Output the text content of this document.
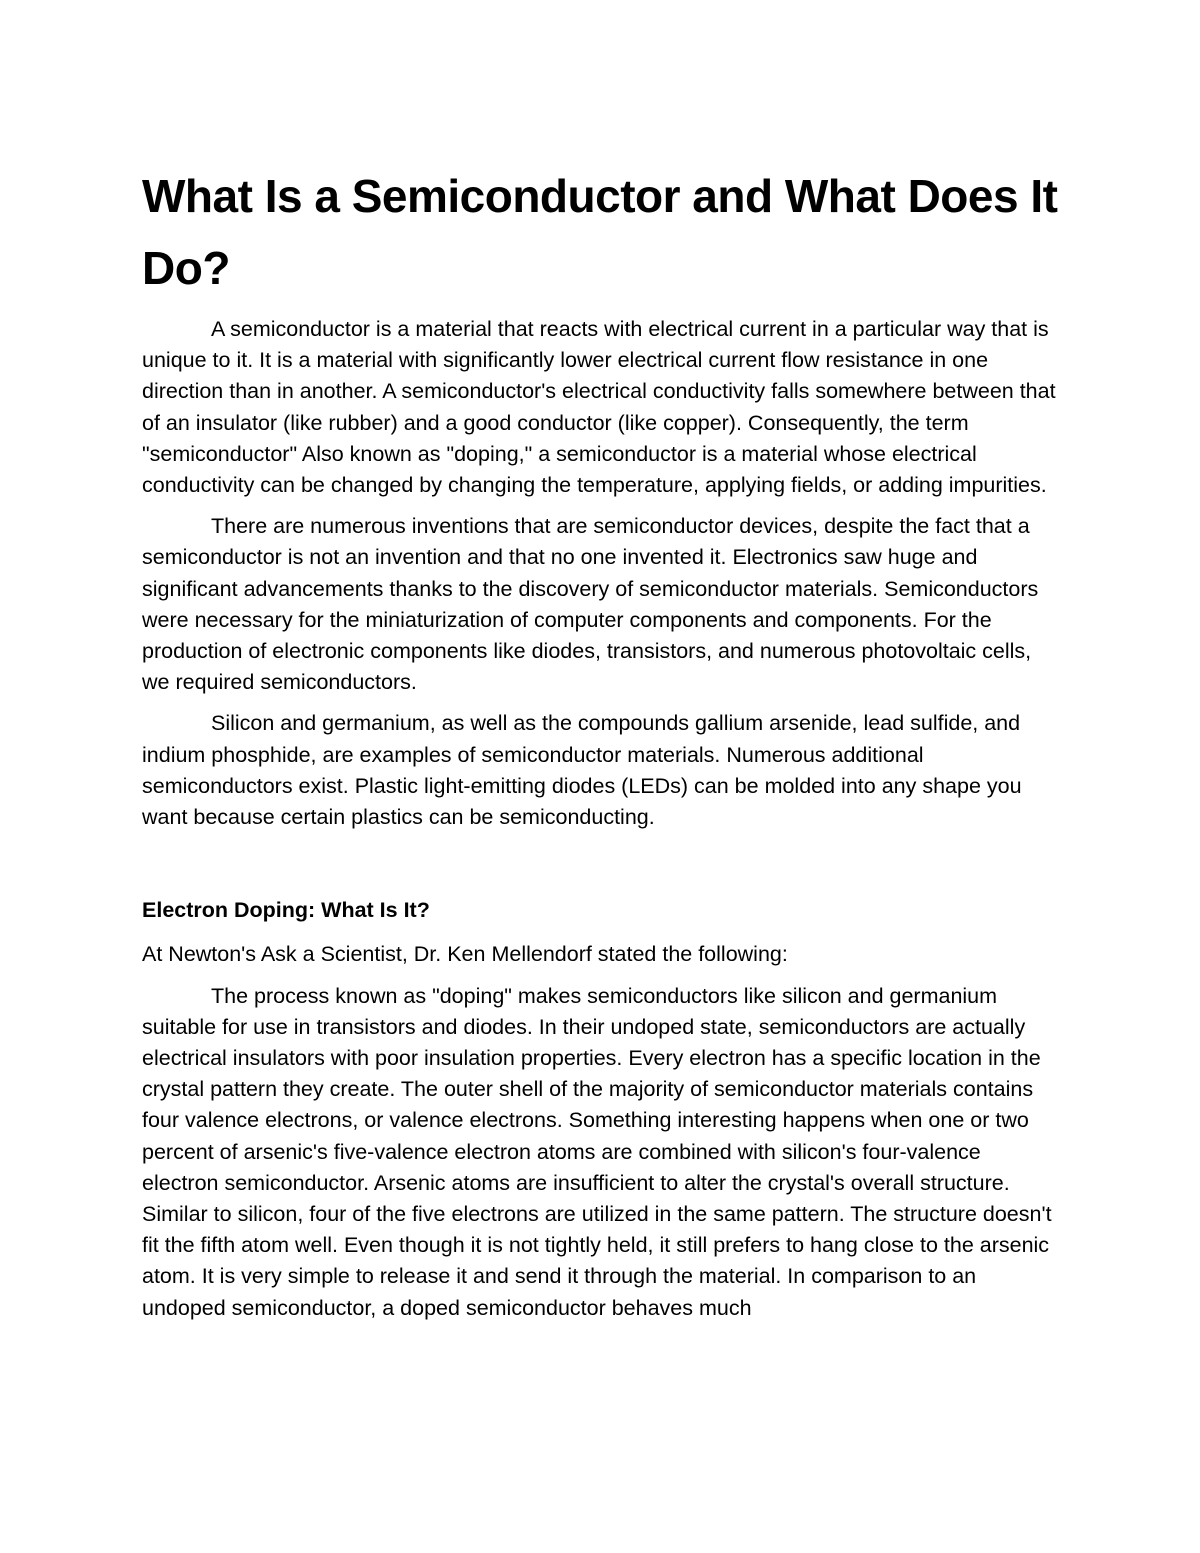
What Is a Semiconductor and What Does It Do?

A semiconductor is a material that reacts with electrical current in a particular way that is unique to it. It is a material with significantly lower electrical current flow resistance in one direction than in another. A semiconductor's electrical conductivity falls somewhere between that of an insulator (like rubber) and a good conductor (like copper). Consequently, the term "semiconductor" Also known as "doping," a semiconductor is a material whose electrical conductivity can be changed by changing the temperature, applying fields, or adding impurities.

There are numerous inventions that are semiconductor devices, despite the fact that a semiconductor is not an invention and that no one invented it. Electronics saw huge and significant advancements thanks to the discovery of semiconductor materials. Semiconductors were necessary for the miniaturization of computer components and components. For the production of electronic components like diodes, transistors, and numerous photovoltaic cells, we required semiconductors.

Silicon and germanium, as well as the compounds gallium arsenide, lead sulfide, and indium phosphide, are examples of semiconductor materials. Numerous additional semiconductors exist. Plastic light-emitting diodes (LEDs) can be molded into any shape you want because certain plastics can be semiconducting.

Electron Doping: What Is It?

At Newton's Ask a Scientist, Dr. Ken Mellendorf stated the following:

The process known as "doping" makes semiconductors like silicon and germanium suitable for use in transistors and diodes. In their undoped state, semiconductors are actually electrical insulators with poor insulation properties. Every electron has a specific location in the crystal pattern they create. The outer shell of the majority of semiconductor materials contains four valence electrons, or valence electrons. Something interesting happens when one or two percent of arsenic's five-valence electron atoms are combined with silicon's four-valence electron semiconductor. Arsenic atoms are insufficient to alter the crystal's overall structure. Similar to silicon, four of the five electrons are utilized in the same pattern. The structure doesn't fit the fifth atom well. Even though it is not tightly held, it still prefers to hang close to the arsenic atom. It is very simple to release it and send it through the material. In comparison to an undoped semiconductor, a doped semiconductor behaves much
